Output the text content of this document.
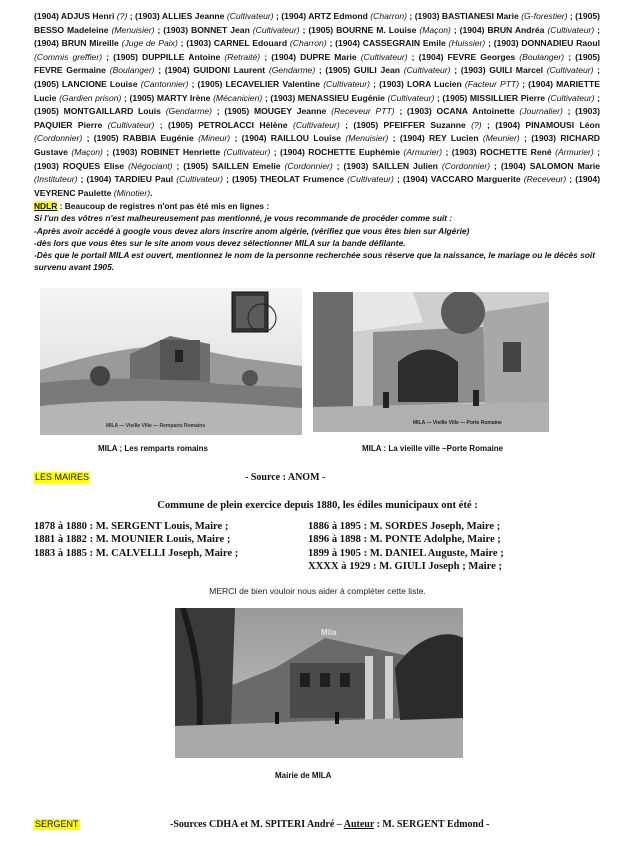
(1904) ADJUS Henri (?) ; (1903) ALLIES Jeanne (Cultivateur) ; (1904) ARTZ Edmond (Charron) ; (1903) BASTIANESI Marie (G-forestier) ; (1905) BESSO Madeleine (Menuisier) ; (1903) BONNET Jean (Cultivateur) ; (1905) BOURNE M. Louise (Maçon) ; (1904) BRUN Andréa (Cultivateur) ; (1904) BRUN Mireille (Juge de Paix) ; (1903) CARNEL Edouard (Charron) ; (1904) CASSEGRAIN Emile (Huissier) ; (1903) DONNADIEU Raoul (Commis greffier) ; (1905) DUPPILLE Antoine (Retraité) ; (1904) DUPRE Marie (Cultivateur) ; (1904) FEVRE Georges (Boulanger) ; (1905) FEVRE Germaine (Boulanger) ; (1904) GUIDONI Laurent (Gendarme) ; (1905) GUILI Jean (Cultivateur) ; (1903) GUILI Marcel (Cultivateur) ; (1905) LANCIONE Louise (Cantonnier) ; (1905) LECAVELIER Valentine (Cultivateur) ; (1903) LORA Lucien (Facteur PTT) ; (1904) MARIETTE Lucie (Gardien prison) ; (1905) MARTY Irène (Mécanicien) ; (1903) MENASSIEU Eugénie (Cultivateur) ; (1905) MISSILLIER Pierre (Cultivateur) ; (1905) MONTGAILLARD Louis (Gendarme) ; (1905) MOUGEY Jeanne (Receveur PTT) ; (1903) OCANA Antoinette (Journalier) ; (1903) PAQUIER Pierre (Cultivateur) ; (1905) PETROLACCI Hélène (Cultivateur) ; (1905) PFEIFFER Suzanne (?) ; (1904) PINAMOUSI Léon (Cordonnier) ; (1905) RABBIA Eugénie (Mineur) ; (1904) RAILLOU Louise (Menuisier) ; (1904) REY Lucien (Meunier) ; (1903) RICHARD Gustave (Maçon) ; (1903) ROBINET Henriette (Cultivateur) ; (1904) ROCHETTE Euphémie (Armurier) ; (1903) ROCHETTE René (Armurier) ; (1903) ROQUES Elise (Négociant) ; (1905) SAILLEN Emelie (Cordonnier) ; (1903) SAILLEN Julien (Cordonnier) ; (1904) SALOMON Marie (Instituteur) ; (1904) TARDIEU Paul (Cultivateur) ; (1905) THEOLAT Frumence (Cultivateur) ; (1904) VACCARO Marguerite (Receveur) ; (1904) VEYRENC Paulette (Minotier).
NDLR : Beaucoup de registres n'ont pas été mis en lignes :
Si l'un des vôtres n'est malheureusement pas mentionné, je vous recommande de procéder comme suit :
-Après avoir accédé à google vous devez alors inscrire anom algérie, (vérifiez que vous êtes bien sur Algérie)
-dès lors que vous êtes sur le site anom vous devez sélectionner MILA sur la bande défilante.
-Dès que le portail MILA est ouvert, mentionnez le nom de la personne recherchée sous réserve que la naissance, le mariage ou le décès soit survenu avant 1905.
MILA — Vieille Ville — Remparts Romains	MILA — Vieille Ville — Porte Romaine
MILA ; Les remparts romains	MILA : La vieille ville –Porte Romaine
LES MAIRES	- Source : ANOM -
Commune de plein exercice depuis 1880, les édiles municipaux ont été :
1878 à 1880 : M. SERGENT Louis, Maire ;
1881 à 1882 : M. MOUNIER Louis, Maire ;
1883 à 1885 : M. CALVELLI Joseph, Maire ;
1886 à 1895 : M. SORDES Joseph, Maire ;
1896 à 1898 : M. PONTE Adolphe, Maire ;
1899 à 1905 : M. DANIEL Auguste, Maire ;
XXXX à 1929 : M. GIULI Joseph ; Maire ;
MERCI de bien vouloir nous aider à compléter cette liste.
Mila
Mairie de MILA
SERGENT	-Sources CDHA et M. SPITERI André – Auteur : M. SERGENT Edmond -
